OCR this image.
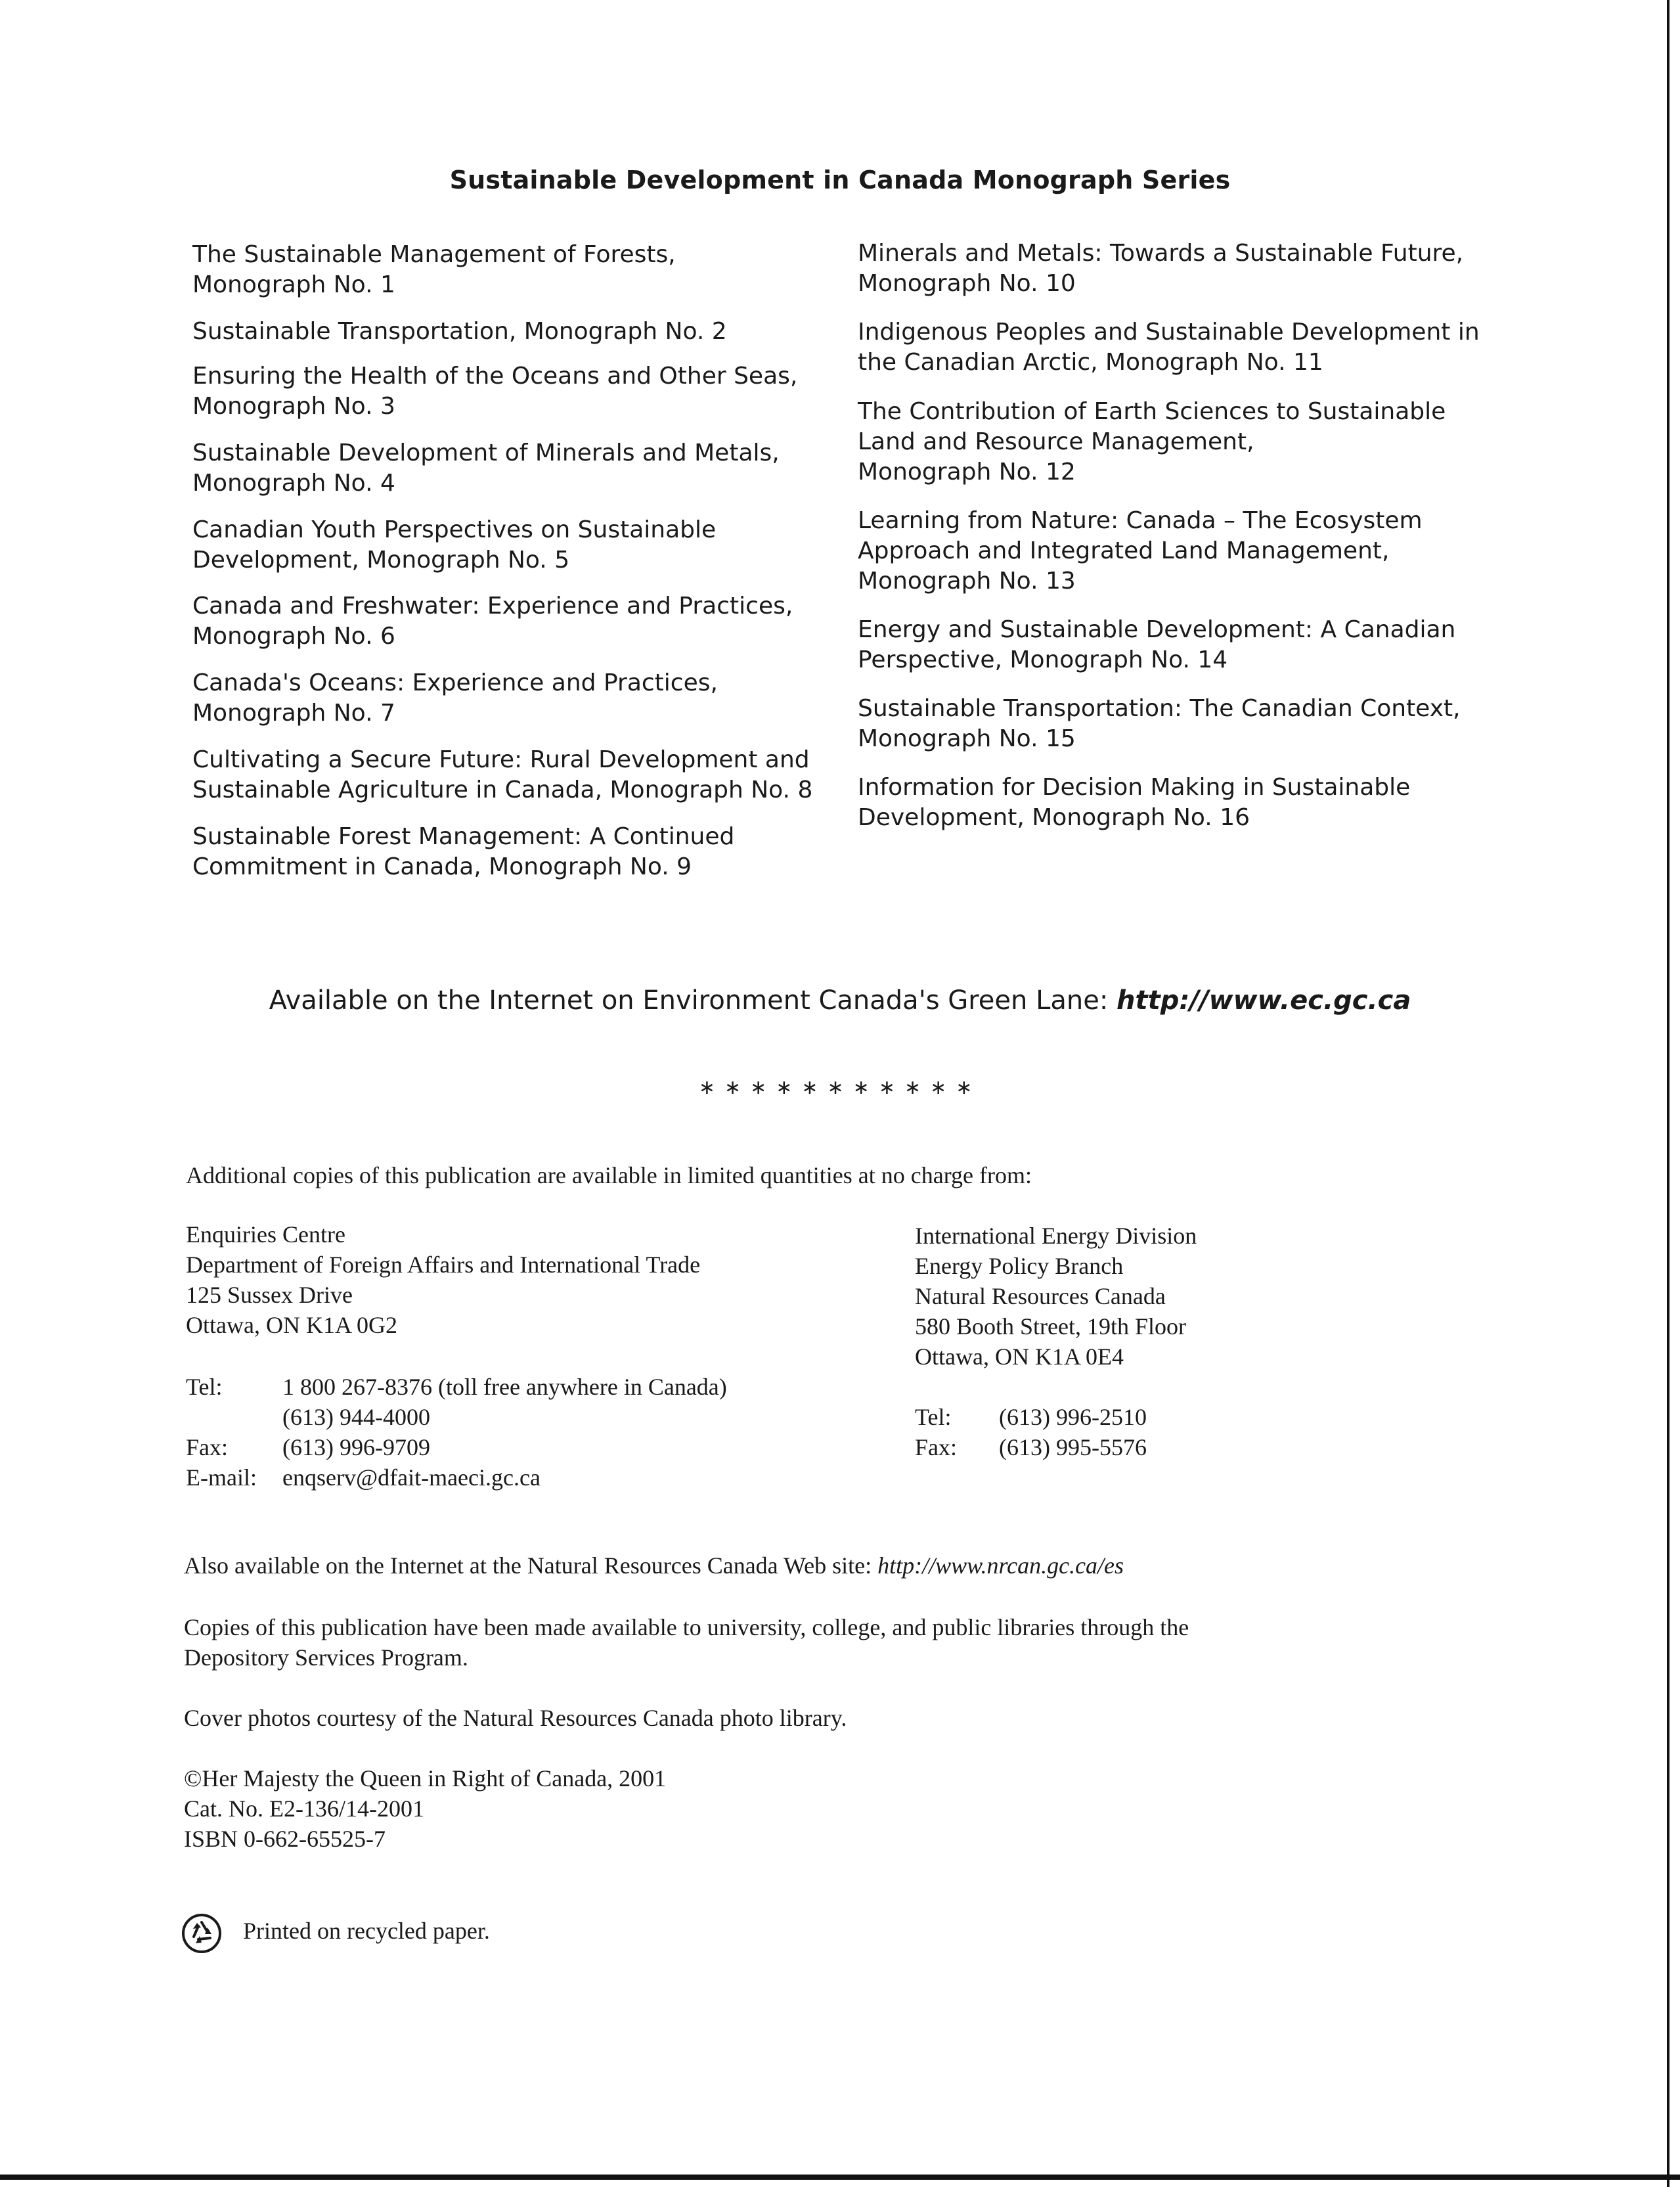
Sustainable Development in Canada Monograph Series
The Sustainable Management of Forests,
Monograph No. 1
Sustainable Transportation, Monograph No. 2
Ensuring the Health of the Oceans and Other Seas,
Monograph No. 3
Sustainable Development of Minerals and Metals,
Monograph No. 4
Canadian Youth Perspectives on Sustainable
Development, Monograph No. 5
Canada and Freshwater: Experience and Practices,
Monograph No. 6
Canada's Oceans: Experience and Practices,
Monograph No. 7
Cultivating a Secure Future: Rural Development and
Sustainable Agriculture in Canada, Monograph No. 8
Sustainable Forest Management: A Continued
Commitment in Canada, Monograph No. 9
Minerals and Metals: Towards a Sustainable Future,
Monograph No. 10
Indigenous Peoples and Sustainable Development in
the Canadian Arctic, Monograph No. 11
The Contribution of Earth Sciences to Sustainable
Land and Resource Management,
Monograph No. 12
Learning from Nature: Canada – The Ecosystem
Approach and Integrated Land Management,
Monograph No. 13
Energy and Sustainable Development: A Canadian
Perspective, Monograph No. 14
Sustainable Transportation: The Canadian Context,
Monograph No. 15
Information for Decision Making in Sustainable
Development, Monograph No. 16
Available on the Internet on Environment Canada's Green Lane: http://www.ec.gc.ca
∗∗∗∗∗∗∗∗∗∗∗
Additional copies of this publication are available in limited quantities at no charge from:
Enquiries Centre
Department of Foreign Affairs and International Trade
125 Sussex Drive
Ottawa, ON K1A 0G2
Tel:	1 800 267-8376 (toll free anywhere in Canada)
(613) 944-4000
Fax: (613) 996-9709
E-mail: enqserv@dfait-maeci.gc.ca
International Energy Division
Energy Policy Branch
Natural Resources Canada
580 Booth Street, 19th Floor
Ottawa, ON K1A 0E4
Tel: (613) 996-2510
Fax: (613) 995-5576
Also available on the Internet at the Natural Resources Canada Web site: http://www.nrcan.gc.ca/es
Copies of this publication have been made available to university, college, and public libraries through the
Depository Services Program.
Cover photos courtesy of the Natural Resources Canada photo library.
©Her Majesty the Queen in Right of Canada, 2001
Cat. No. E2-136/14-2001
ISBN 0-662-65525-7
Printed on recycled paper.
